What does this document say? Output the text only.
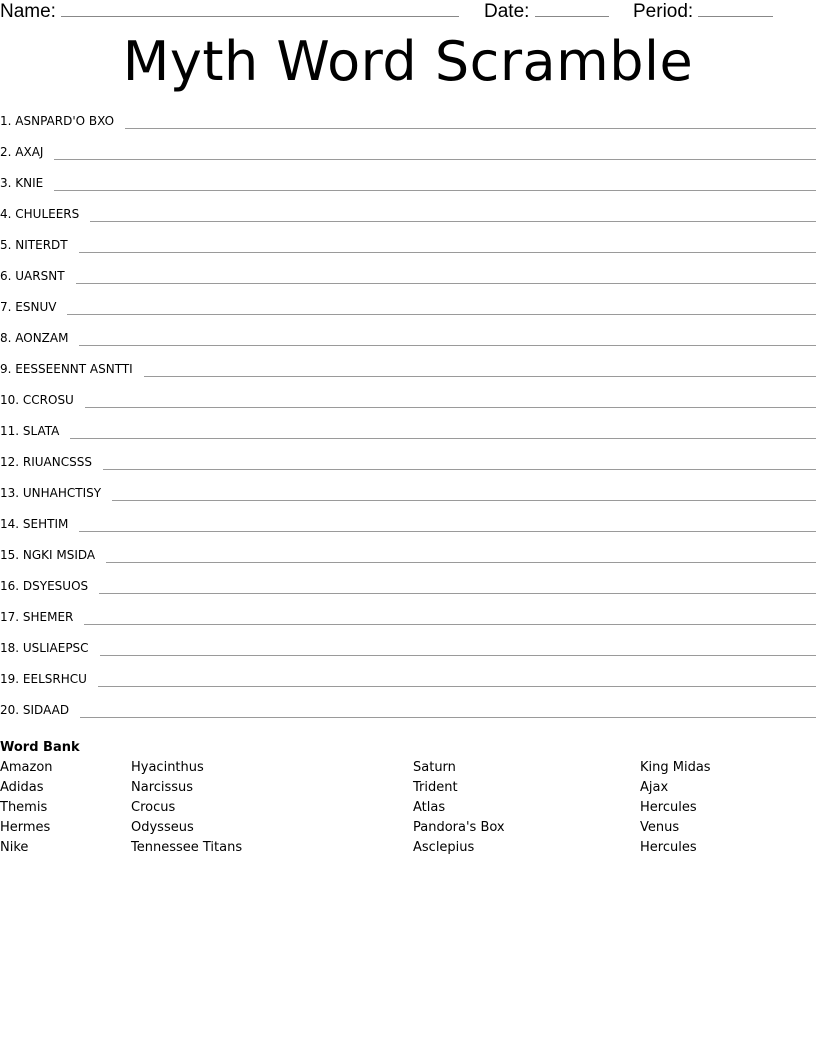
Name:	Date:	Period:
Myth Word Scramble
1. ASNPARD'O BXO
2. AXAJ
3. KNIE
4. CHULEERS
5. NITERDT
6. UARSNT
7. ESNUV
8. AONZAM
9. EESSEENNT ASNTTI
10. CCROSU
11. SLATA
12. RIUANCSSS
13. UNHAHCTISY
14. SEHTIM
15. NGKI MSIDA
16. DSYESUOS
17. SHEMER
18. USLIAEPSC
19. EELSRHCU
20. SIDAAD
Word Bank
Amazon
Adidas
Themis
Hermes
Nike
Hyacinthus
Narcissus
Crocus
Odysseus
Tennessee Titans
Saturn
Trident
Atlas
Pandora's Box
Asclepius
King Midas
Ajax
Hercules
Venus
Hercules
